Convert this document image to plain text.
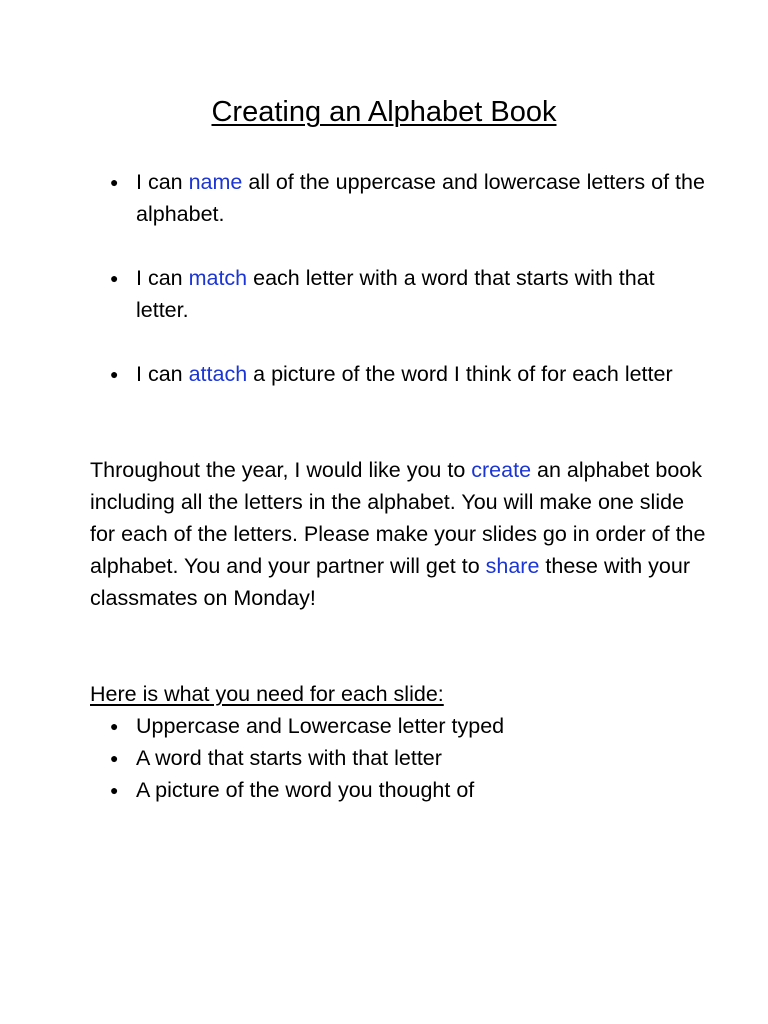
Creating an Alphabet Book
● I can name all of the uppercase and lowercase letters of the alphabet.
● I can match each letter with a word that starts with that letter.
● I can attach a picture of the word I think of for each letter

Throughout the year, I would like you to create an alphabet book including all the letters in the alphabet. You will make one slide for each of the letters. Please make your slides go in order of the alphabet. You and your partner will get to share these with your classmates on Monday!

Here is what you need for each slide:

● Uppercase and Lowercase letter typed
● A word that starts with that letter
● A picture of the word you thought of
